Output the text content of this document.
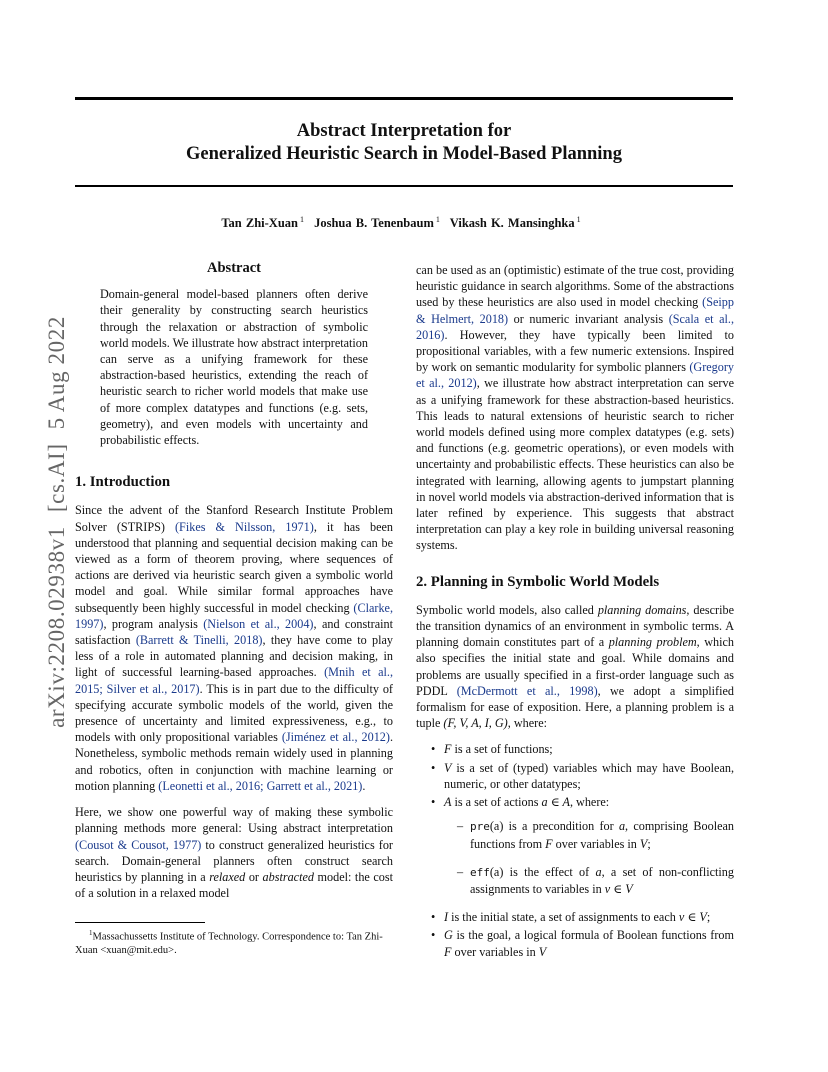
Abstract Interpretation for
Generalized Heuristic Search in Model-Based Planning
Tan Zhi-Xuan $^1$ Joshua B. Tenenbaum $^1$ Vikash K. Mansinghka $^1$
arXiv:2208.02938v1[cs.AI]5 Aug 2022
Abstract

Domain-general model-based planners often derive their generality by constructing search heuristics through the relaxation or abstraction of symbolic world models. We illustrate how abstract interpretation can serve as a unifying framework for these abstraction-based heuristics, extending the reach of heuristic search to richer world models that make use of more complex datatypes and functions (e.g. sets, geometry), and even models with uncertainty and probabilistic effects.

1. Introduction

Since the advent of the Stanford Research Institute Problem Solver (STRIPS) (Fikes & Nilsson, 1971), it has been understood that planning and sequential decision making can be viewed as a form of theorem proving, where sequences of actions are derived via heuristic search given a symbolic world model and goal. While similar formal approaches have subsequently been highly successful in model checking (Clarke, 1997), program analysis (Nielson et al., 2004), and constraint satisfaction (Barrett & Tinelli, 2018), they have come to play less of a role in automated planning and decision making, in light of successful learning-based approaches. (Mnih et al., 2015; Silver et al., 2017). This is in part due to the difficulty of specifying accurate symbolic models of the world, given the presence of uncertainty and limited expressiveness, e.g., to models with only propositional variables (Jiménez et al., 2012). Nonetheless, symbolic methods remain widely used in planning and robotics, often in conjunction with machine learning or motion planning (Leonetti et al., 2016; Garrett et al., 2021).

Here, we show one powerful way of making these symbolic planning methods more general: Using abstract interpretation (Cousot & Cousot, 1977) to construct generalized heuristics for search. Domain-general planners often construct search heuristics by planning in a relaxed or abstracted model: the cost of a solution in a relaxed model

$^1$Massachussetts Institute of Technology. Correspondence to: Tan Zhi-Xuan <xuan@mit.edu>.

can be used as an (optimistic) estimate of the true cost, providing heuristic guidance in search algorithms. Some of the abstractions used by these heuristics are also used in model checking (Seipp & Helmert, 2018) or numeric invariant analysis (Scala et al., 2016). However, they have typically been limited to propositional variables, with a few numeric extensions. Inspired by work on semantic modularity for symbolic planners (Gregory et al., 2012), we illustrate how abstract interpretation can serve as a unifying framework for these abstraction-based heuristics. This leads to natural extensions of heuristic search to richer world models defined using more complex datatypes (e.g. sets) and functions (e.g. geometric operations), or even models with uncertainty and probabilistic effects. These heuristics can also be integrated with learning, allowing agents to jumpstart planning in novel world models via abstraction-derived information that is later refined by experience. This suggests that abstract interpretation can play a key role in building universal reasoning systems.

2. Planning in Symbolic World Models

Symbolic world models, also called planning domains, describe the transition dynamics of an environment in symbolic terms. A planning domain constitutes part of a planning problem, which also specifies the initial state and goal. While domains and problems are usually specified in a first-order language such as PDDL (McDermott et al., 1998), we adopt a simplified formalism for ease of exposition. Here, a planning problem is a tuple (F, V, A, I, G), where:

• F is a set of functions;
• V is a set of (typed) variables which may have Boolean, numeric, or other datatypes;
• A is a set of actions a ∈ A, where:
– pre(a) is a precondition for a, comprising Boolean functions from F over variables in V;
– eff(a) is the effect of a, a set of non-conflicting assignments to variables in v ∈ V
• I is the initial state, a set of assignments to each v ∈ V;
• G is the goal, a logical formula of Boolean functions from F over variables in V
